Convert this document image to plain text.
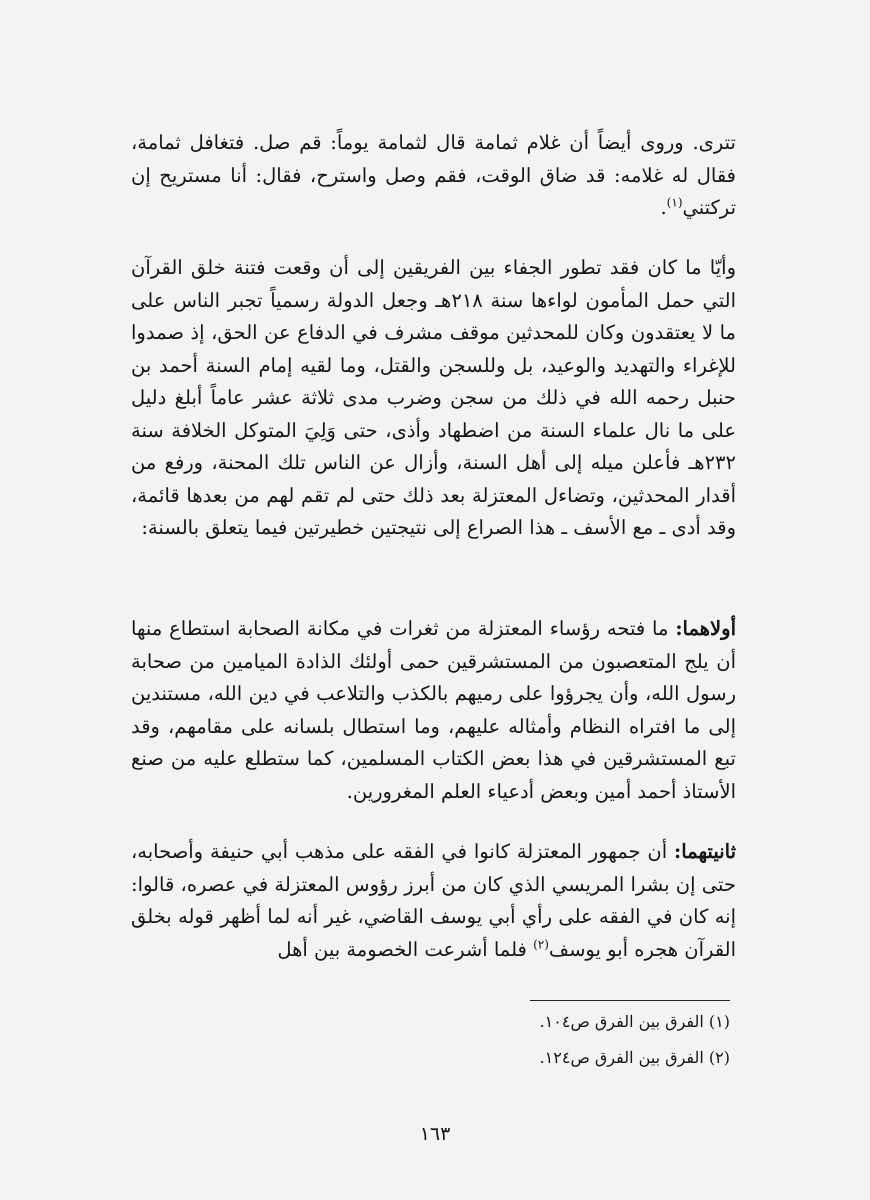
تترى. وروى أيضاً أن غلام ثمامة قال لثمامة يوماً: قم صل. فتغافل ثمامة، فقال له غلامه: قد ضاق الوقت، فقم وصل واسترح، فقال: أنا مستريح إن تركتني$^{(١)}$.

وأيّا ما كان فقد تطور الجفاء بين الفريقين إلى أن وقعت فتنة خلق القرآن التي حمل المأمون لواءها سنة ٢١٨هـ وجعل الدولة رسمياً تجبر الناس على ما لا يعتقدون وكان للمحدثين موقف مشرف في الدفاع عن الحق، إذ صمدوا للإغراء والتهديد والوعيد، بل وللسجن والقتل، وما لقيه إمام السنة أحمد بن حنبل رحمه الله في ذلك من سجن وضرب مدى ثلاثة عشر عاماً أبلغ دليل على ما نال علماء السنة من اضطهاد وأذى، حتى وَلِيَ المتوكل الخلافة سنة ٢٣٢هـ فأعلن ميله إلى أهل السنة، وأزال عن الناس تلك المحنة، ورفع من أقدار المحدثين، وتضاءل المعتزلة بعد ذلك حتى لم تقم لهم من بعدها قائمة، وقد أدى ـ مع الأسف ـ هذا الصراع إلى نتيجتين خطيرتين فيما يتعلق بالسنة:

أولاهما: ما فتحه رؤساء المعتزلة من ثغرات في مكانة الصحابة استطاع منها أن يلج المتعصبون من المستشرقين حمى أولئك الذادة الميامين من صحابة رسول الله، وأن يجرؤوا على رميهم بالكذب والتلاعب في دين الله، مستندين إلى ما افتراه النظام وأمثاله عليهم، وما استطال بلسانه على مقامهم، وقد تبع المستشرقين في هذا بعض الكتاب المسلمين، كما ستطلع عليه من صنع الأستاذ أحمد أمين وبعض أدعياء العلم المغرورين.

ثانيتهما: أن جمهور المعتزلة كانوا في الفقه على مذهب أبي حنيفة وأصحابه، حتى إن بشرا المريسي الذي كان من أبرز رؤوس المعتزلة في عصره، قالوا: إنه كان في الفقه على رأي أبي يوسف القاضي، غير أنه لما أظهر قوله بخلق القرآن هجره أبو يوسف$^{(٢)}$ فلما أشرعت الخصومة بين أهل

(١) الفرق بين الفرق ص١٠٤.
(٢) الفرق بين الفرق ص١٢٤.
١٦٣
